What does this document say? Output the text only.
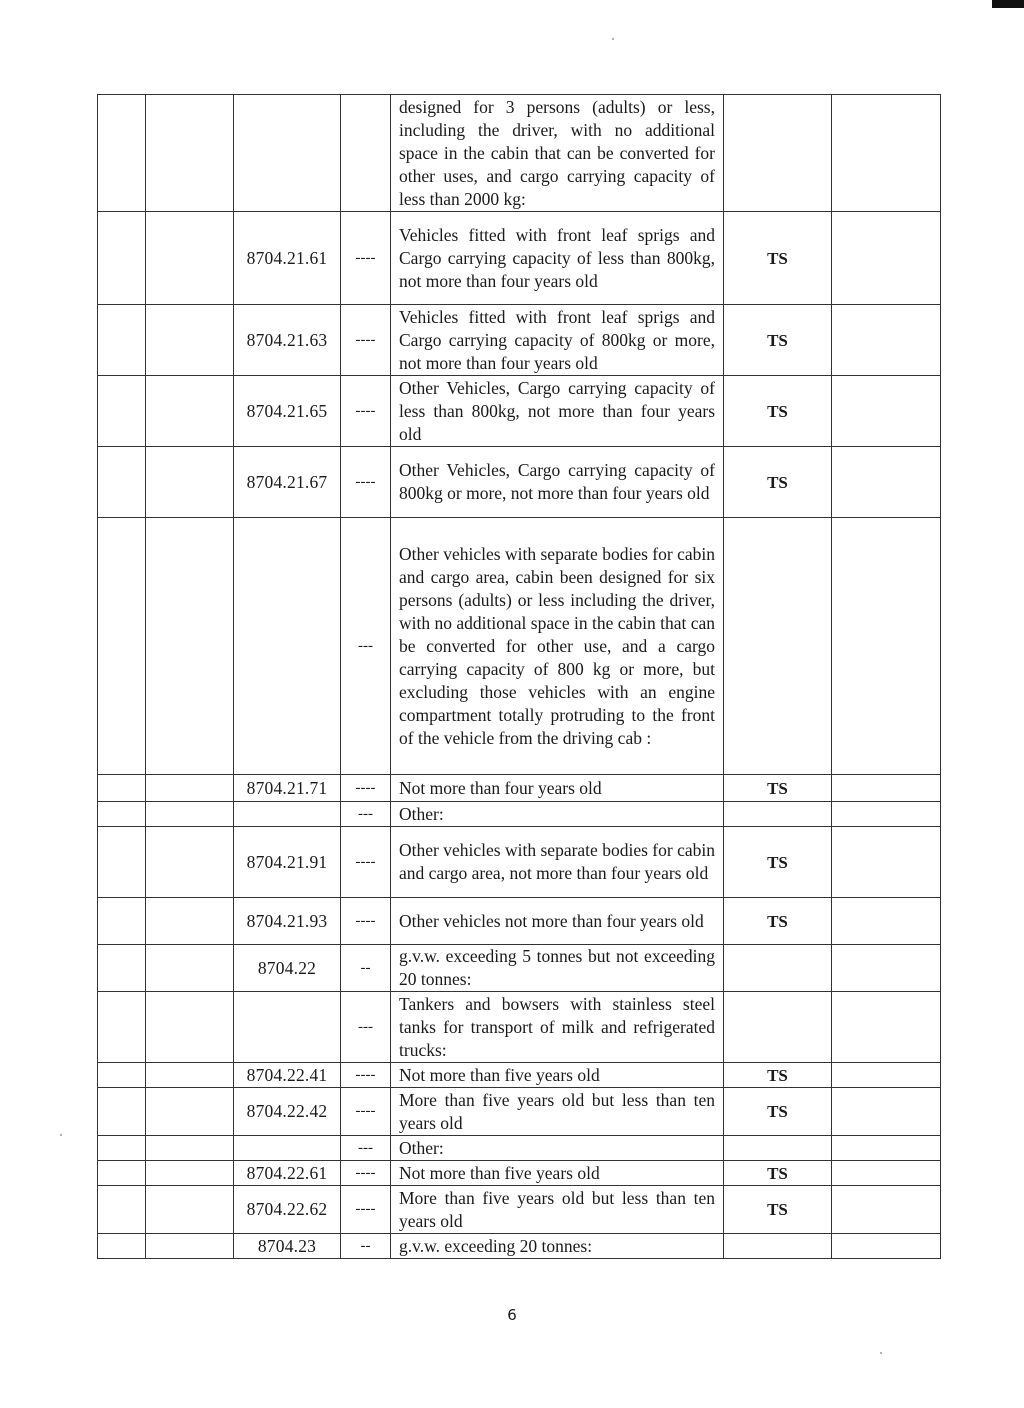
				designed for 3 persons (adults) or less, including the driver, with no additional space in the cabin that can be converted for other uses, and cargo carrying capacity of less than 2000 kg:		

		8704.21.61	----	Vehicles fitted with front leaf sprigs and Cargo carrying capacity of less than 800kg, not more than four years old	TS	
		8704.21.63	----	Vehicles fitted with front leaf sprigs and Cargo carrying capacity of 800kg or more, not more than four years old	TS	
		8704.21.65	----	Other Vehicles, Cargo carrying capacity of less than 800kg, not more than four years old	TS	
		8704.21.67	----	Other Vehicles, Cargo carrying capacity of 800kg or more, not more than four years old	TS	
			---	Other vehicles with separate bodies for cabin and cargo area, cabin been designed for six persons (adults) or less including the driver, with no additional space in the cabin that can be converted for other use, and a cargo carrying capacity of 800 kg or more, but excluding those vehicles with an engine compartment totally protruding to the front of the vehicle from the driving cab :		

		8704.21.71	----	Not more than four years old	TS	
			---	Other:		

		8704.21.91	----	Other vehicles with separate bodies for cabin and cargo area, not more than four years old	TS	
		8704.21.93	----	Other vehicles not more than four years old	TS	
		8704.22	--	g.v.w. exceeding 5 tonnes but not exceeding 20 tonnes:		

			---	Tankers and bowsers with stainless steel tanks for transport of milk and refrigerated trucks:		

		8704.22.41	----	Not more than five years old	TS	
		8704.22.42	----	More than five years old but less than ten years old	TS	
			---	Other:		

		8704.22.61	----	Not more than five years old	TS	
		8704.22.62	----	More than five years old but less than ten years old	TS	
		8704.23	--	g.v.w. exceeding 20 tonnes:		

6
